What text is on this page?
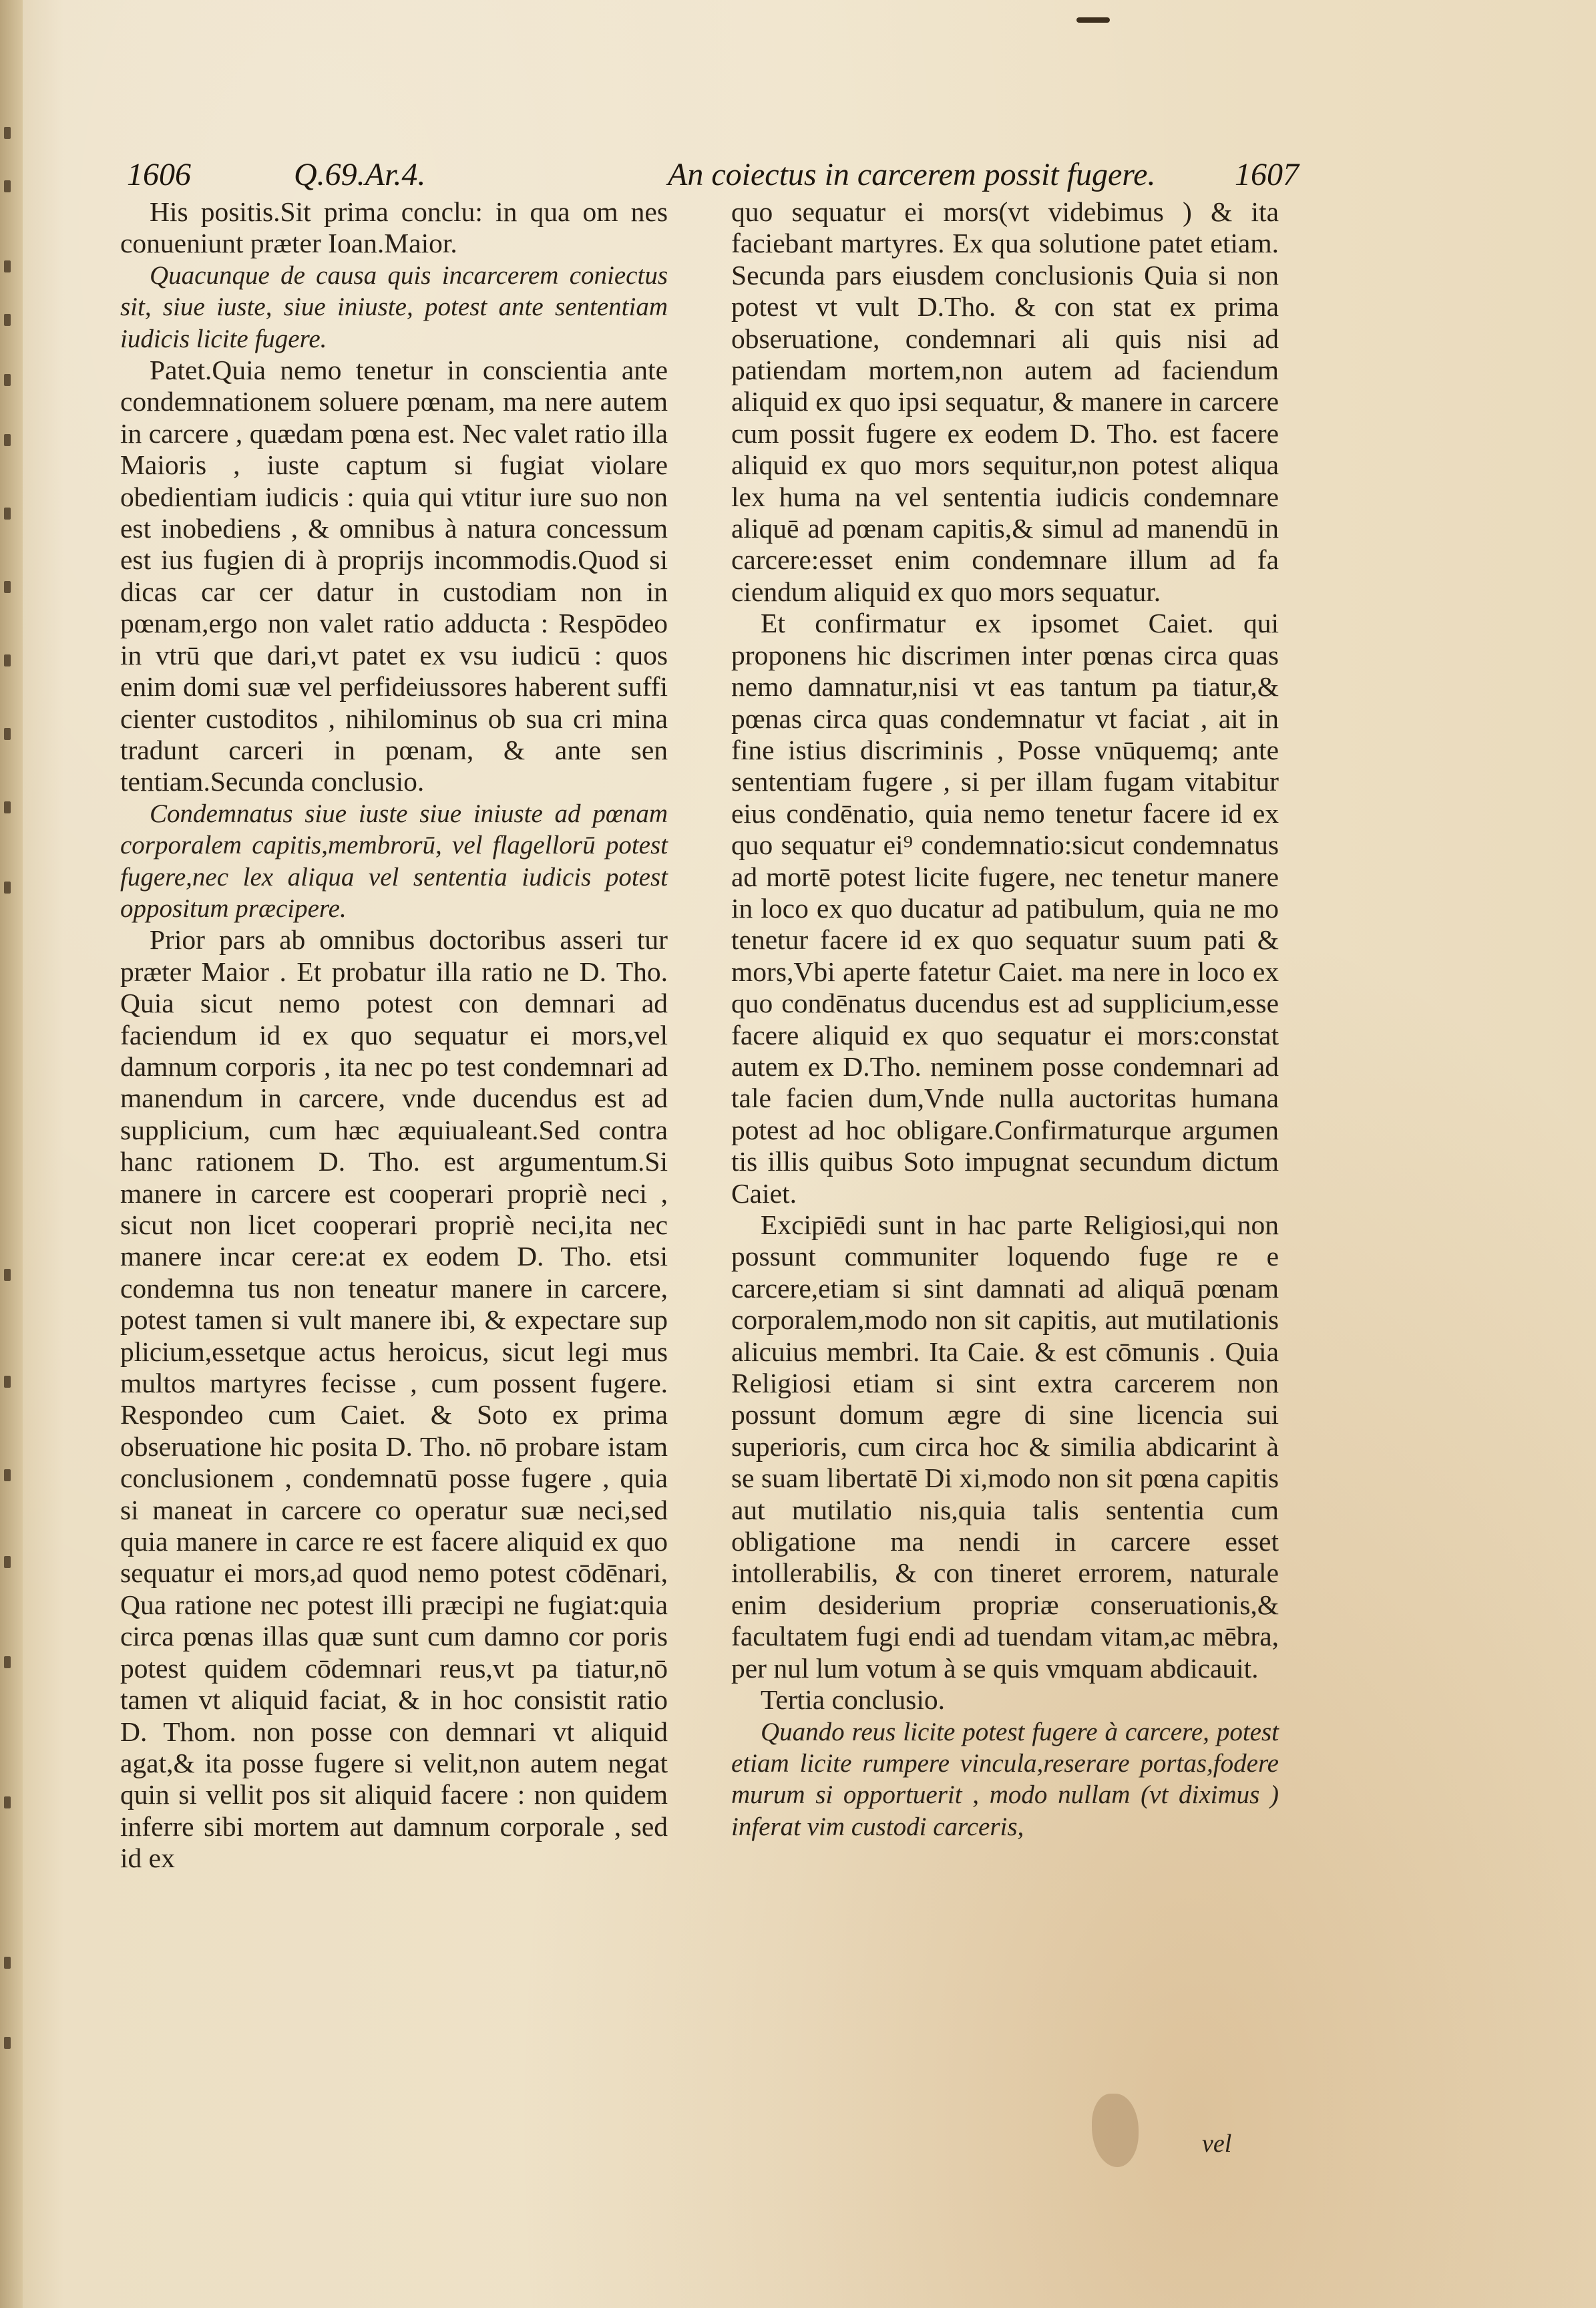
1606	Q.69.Ar.4.	An coiectus in carcerem possit fugere. 1607

His positis.Sit prima conclu: in qua om nes conueniunt præter Ioan.Maior.

Quacunque de causa quis incarcerem coniectus sit, siue iuste, siue iniuste, potest ante sententiam iudicis licite fugere.

Patet.Quia nemo tenetur in conscientia ante condemnationem soluere pœnam, ma nere autem in carcere , quædam pœna est. Nec valet ratio illa Maioris , iuste captum si fugiat violare obedientiam iudicis : quia qui vtitur iure suo non est inobediens , & omnibus à natura concessum est ius fugien di à proprijs incommodis.Quod si dicas car cer datur in custodiam non in pœnam,ergo non valet ratio adducta : Respōdeo in vtrū que dari,vt patet ex vsu iudicū : quos enim domi suæ vel perfideiussores haberent suffi cienter custoditos , nihilominus ob sua cri mina tradunt carceri in pœnam, & ante sen tentiam.Secunda conclusio.

Condemnatus siue iuste siue iniuste ad pœnam corporalem capitis,membrorū, vel flagellorū potest fugere,nec lex aliqua vel sententia iudicis potest oppositum præcipere.

Prior pars ab omnibus doctoribus asseri tur præter Maior . Et probatur illa ratio ne D. Tho. Quia sicut nemo potest con demnari ad faciendum id ex quo sequatur ei mors,vel damnum corporis , ita nec po test condemnari ad manendum in carcere, vnde ducendus est ad supplicium, cum hæc æquiualeant.Sed contra hanc rationem D. Tho. est argumentum.Si manere in carcere est cooperari propriè neci , sicut non licet cooperari propriè neci,ita nec manere incar cere:at ex eodem D. Tho. etsi condemna tus non teneatur manere in carcere, potest tamen si vult manere ibi, & expectare sup plicium,essetque actus heroicus, sicut legi mus multos martyres fecisse , cum possent fugere. Respondeo cum Caiet. & Soto ex prima obseruatione hic posita D. Tho. nō probare istam conclusionem , condemnatū posse fugere , quia si maneat in carcere co operatur suæ neci,sed quia manere in carce re est facere aliquid ex quo sequatur ei mors,ad quod nemo potest cōdēnari, Qua ratione nec potest illi præcipi ne fugiat:quia circa pœnas illas quæ sunt cum damno cor poris potest quidem cōdemnari reus,vt pa tiatur,nō tamen vt aliquid faciat, & in hoc consistit ratio D. Thom. non posse con demnari vt aliquid agat,& ita posse fugere si velit,non autem negat quin si vellit pos sit aliquid facere : non quidem inferre sibi mortem aut damnum corporale , sed id ex

quo sequatur ei mors(vt videbimus ) & ita faciebant martyres. Ex qua solutione patet etiam. Secunda pars eiusdem conclusionis Quia si non potest vt vult D.Tho. & con stat ex prima obseruatione, condemnari ali quis nisi ad patiendam mortem,non autem ad faciendum aliquid ex quo ipsi sequatur, & manere in carcere cum possit fugere ex eodem D. Tho. est facere aliquid ex quo mors sequitur,non potest aliqua lex huma na vel sententia iudicis condemnare aliquē ad pœnam capitis,& simul ad manendū in carcere:esset enim condemnare illum ad fa ciendum aliquid ex quo mors sequatur.

Et confirmatur ex ipsomet Caiet. qui proponens hic discrimen inter pœnas circa quas nemo damnatur,nisi vt eas tantum pa tiatur,& pœnas circa quas condemnatur vt faciat , ait in fine istius discriminis , Posse vnūquemq; ante sententiam fugere , si per illam fugam vitabitur eius condēnatio, quia nemo tenetur facere id ex quo sequatur ei⁹ condemnatio:sicut condemnatus ad mortē potest licite fugere, nec tenetur manere in loco ex quo ducatur ad patibulum, quia ne mo tenetur facere id ex quo sequatur suum pati & mors,Vbi aperte fatetur Caiet. ma nere in loco ex quo condēnatus ducendus est ad supplicium,esse facere aliquid ex quo sequatur ei mors:constat autem ex D.Tho. neminem posse condemnari ad tale facien dum,Vnde nulla auctoritas humana potest ad hoc obligare.Confirmaturque argumen tis illis quibus Soto impugnat secundum dictum Caiet.

Excipiēdi sunt in hac parte Religiosi,qui non possunt communiter loquendo fuge re e carcere,etiam si sint damnati ad aliquā pœnam corporalem,modo non sit capitis, aut mutilationis alicuius membri. Ita Caie. & est cōmunis . Quia Religiosi etiam si sint extra carcerem non possunt domum ægre di sine licencia sui superioris, cum circa hoc & similia abdicarint à se suam libertatē Di xi,modo non sit pœna capitis aut mutilatio nis,quia talis sententia cum obligatione ma nendi in carcere esset intollerabilis, & con tineret errorem, naturale enim desiderium propriæ conseruationis,& facultatem fugi endi ad tuendam vitam,ac mēbra, per nul lum votum à se quis vmquam abdicauit.

Tertia conclusio.

Quando reus licite potest fugere à carcere, potest etiam licite rumpere vincula,reserare portas,fodere murum si opportuerit , modo nullam (vt diximus ) inferat vim custodi carceris,

vel
